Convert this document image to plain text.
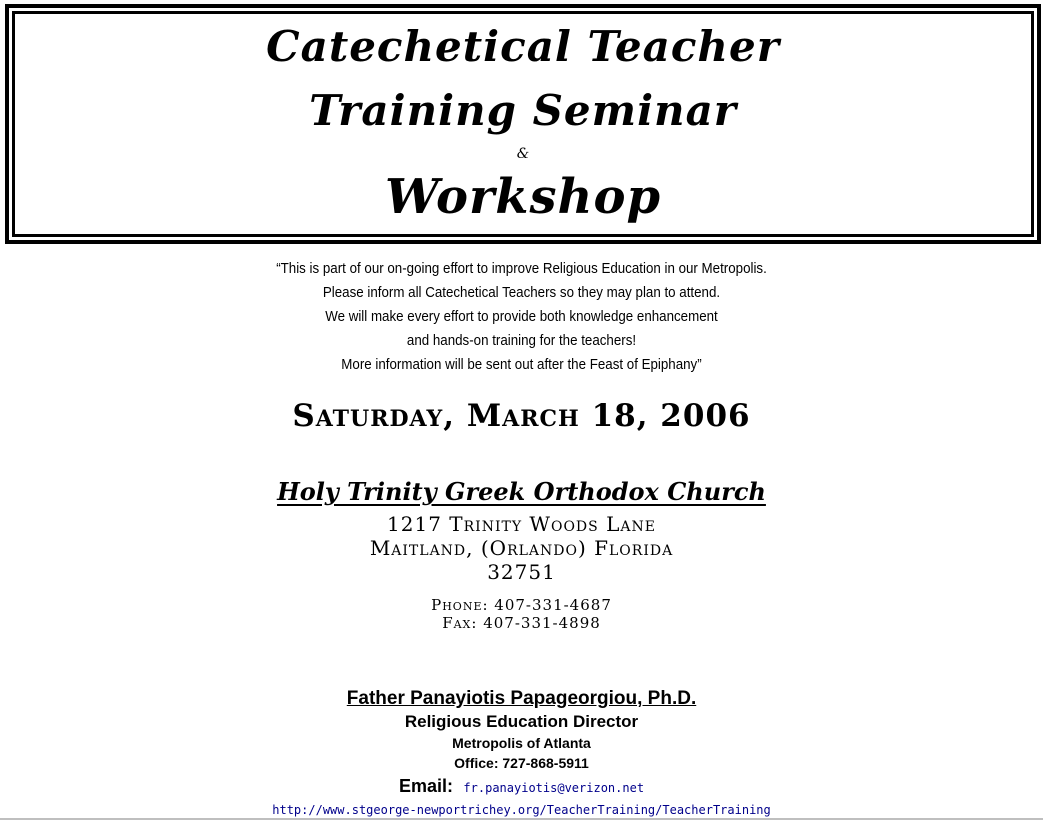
Catechetical Teacher
Training Seminar
&
Workshop
“This is part of our on-going effort to improve Religious Education in our Metropolis.
Please inform all Catechetical Teachers so they may plan to attend.
We will make every effort to provide both knowledge enhancement
and hands-on training for the teachers!
More information will be sent out after the Feast of Epiphany”
Saturday, March 18, 2006
Holy Trinity Greek Orthodox Church
1217 Trinity Woods Lane
Maitland, (Orlando) Florida
32751
Phone: 407-331-4687
Fax: 407-331-4898
Father Panayiotis Papageorgiou, Ph.D.
Religious Education Director
Metropolis of Atlanta
Office: 727-868-5911
Email: fr.panayiotis@verizon.net
http://www.stgeorge-newportrichey.org/TeacherTraining/TeacherTraining
